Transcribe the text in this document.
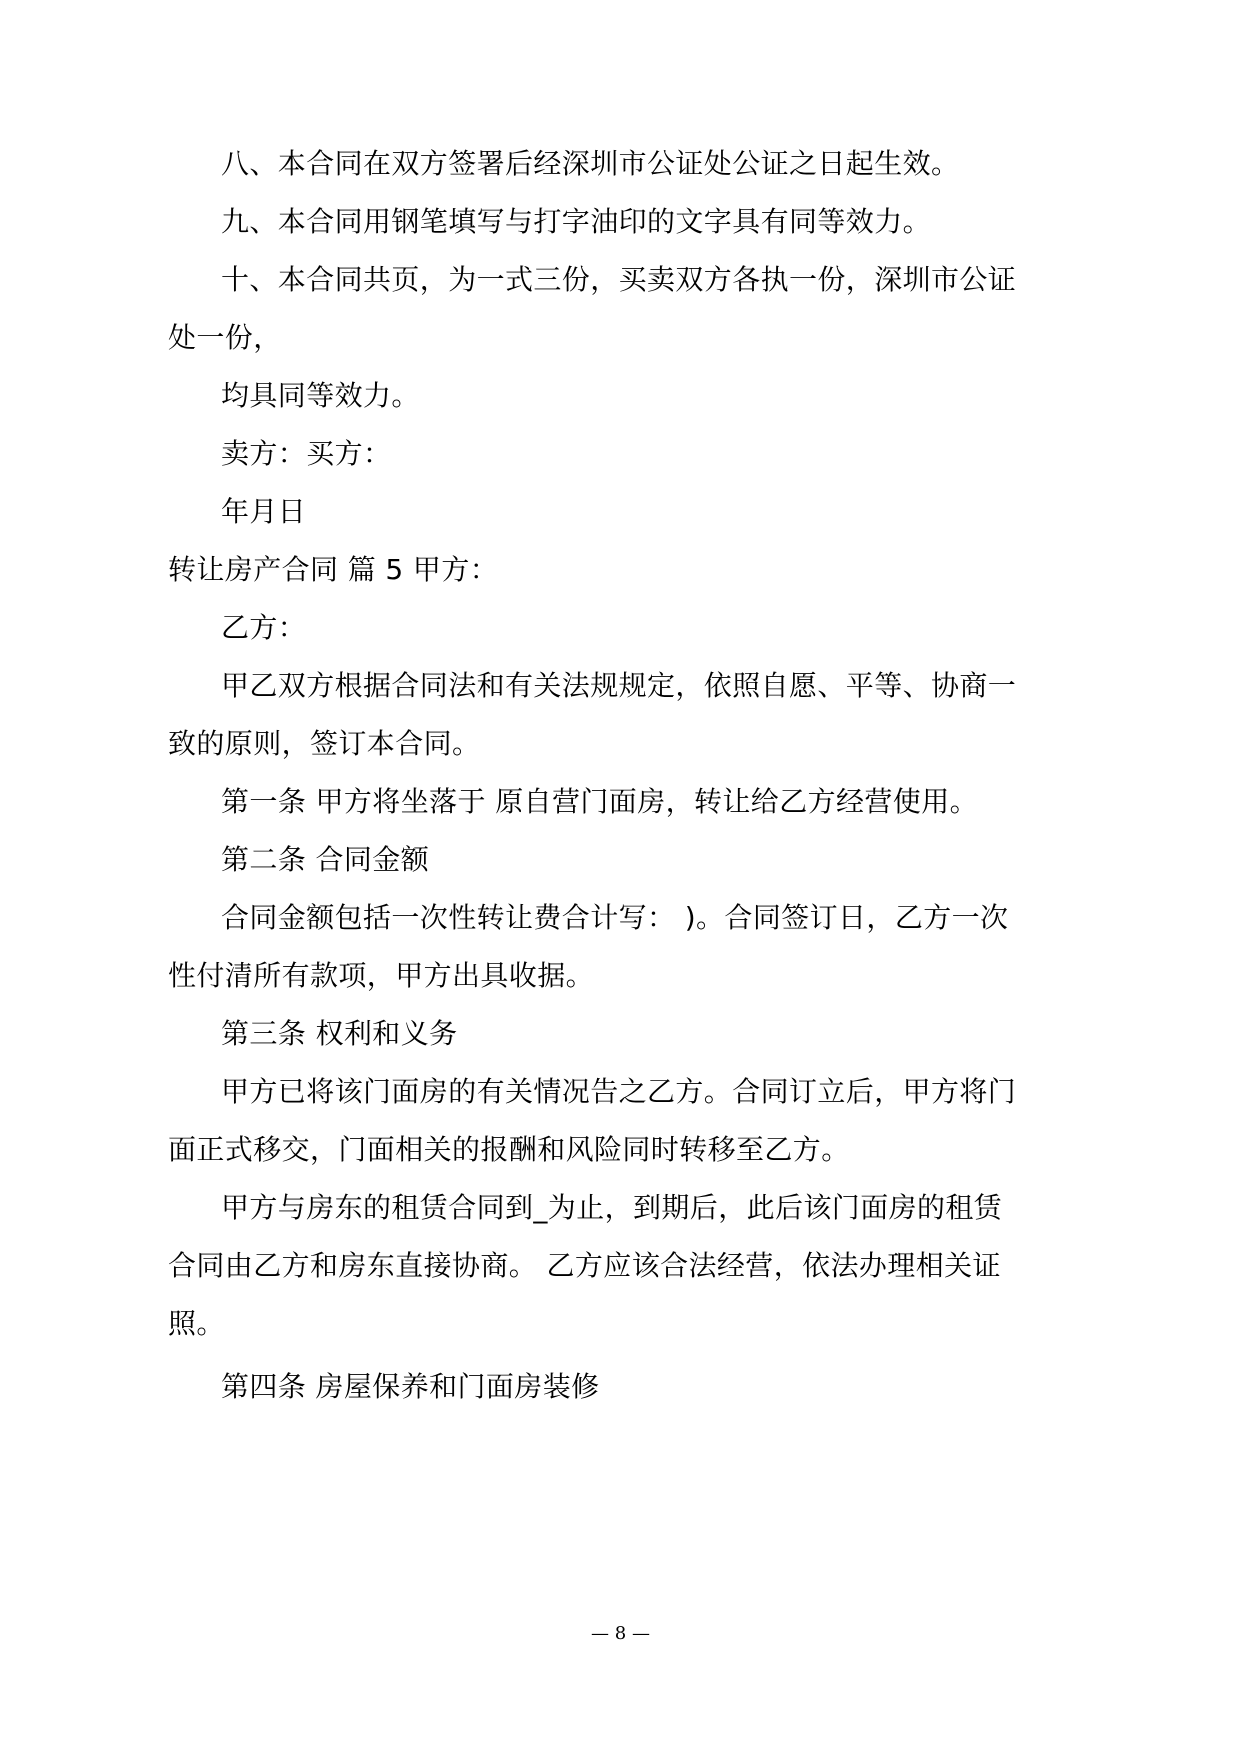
八、本合同在双方签署后经深圳市公证处公证之日起生效。
九、本合同用钢笔填写与打字油印的文字具有同等效力。
十、本合同共页，为一式三份，买卖双方各执一份，深圳市公证
处一份，
均具同等效力。
卖方：买方：
年月日
转让房产合同 篇 5 甲方：
乙方：
甲乙双方根据合同法和有关法规规定，依照自愿、平等、协商一
致的原则，签订本合同。
第一条 甲方将坐落于 原自营门面房，转让给乙方经营使用。
第二条 合同金额
合同金额包括一次性转让费合计写： )。合同签订日，乙方一次
性付清所有款项，甲方出具收据。
第三条 权利和义务
甲方已将该门面房的有关情况告之乙方。合同订立后，甲方将门
面正式移交，门面相关的报酬和风险同时转移至乙方。
甲方与房东的租赁合同到_为止，到期后，此后该门面房的租赁
合同由乙方和房东直接协商。 乙方应该合法经营，依法办理相关证
照。
第四条 房屋保养和门面房装修
— 8 —
